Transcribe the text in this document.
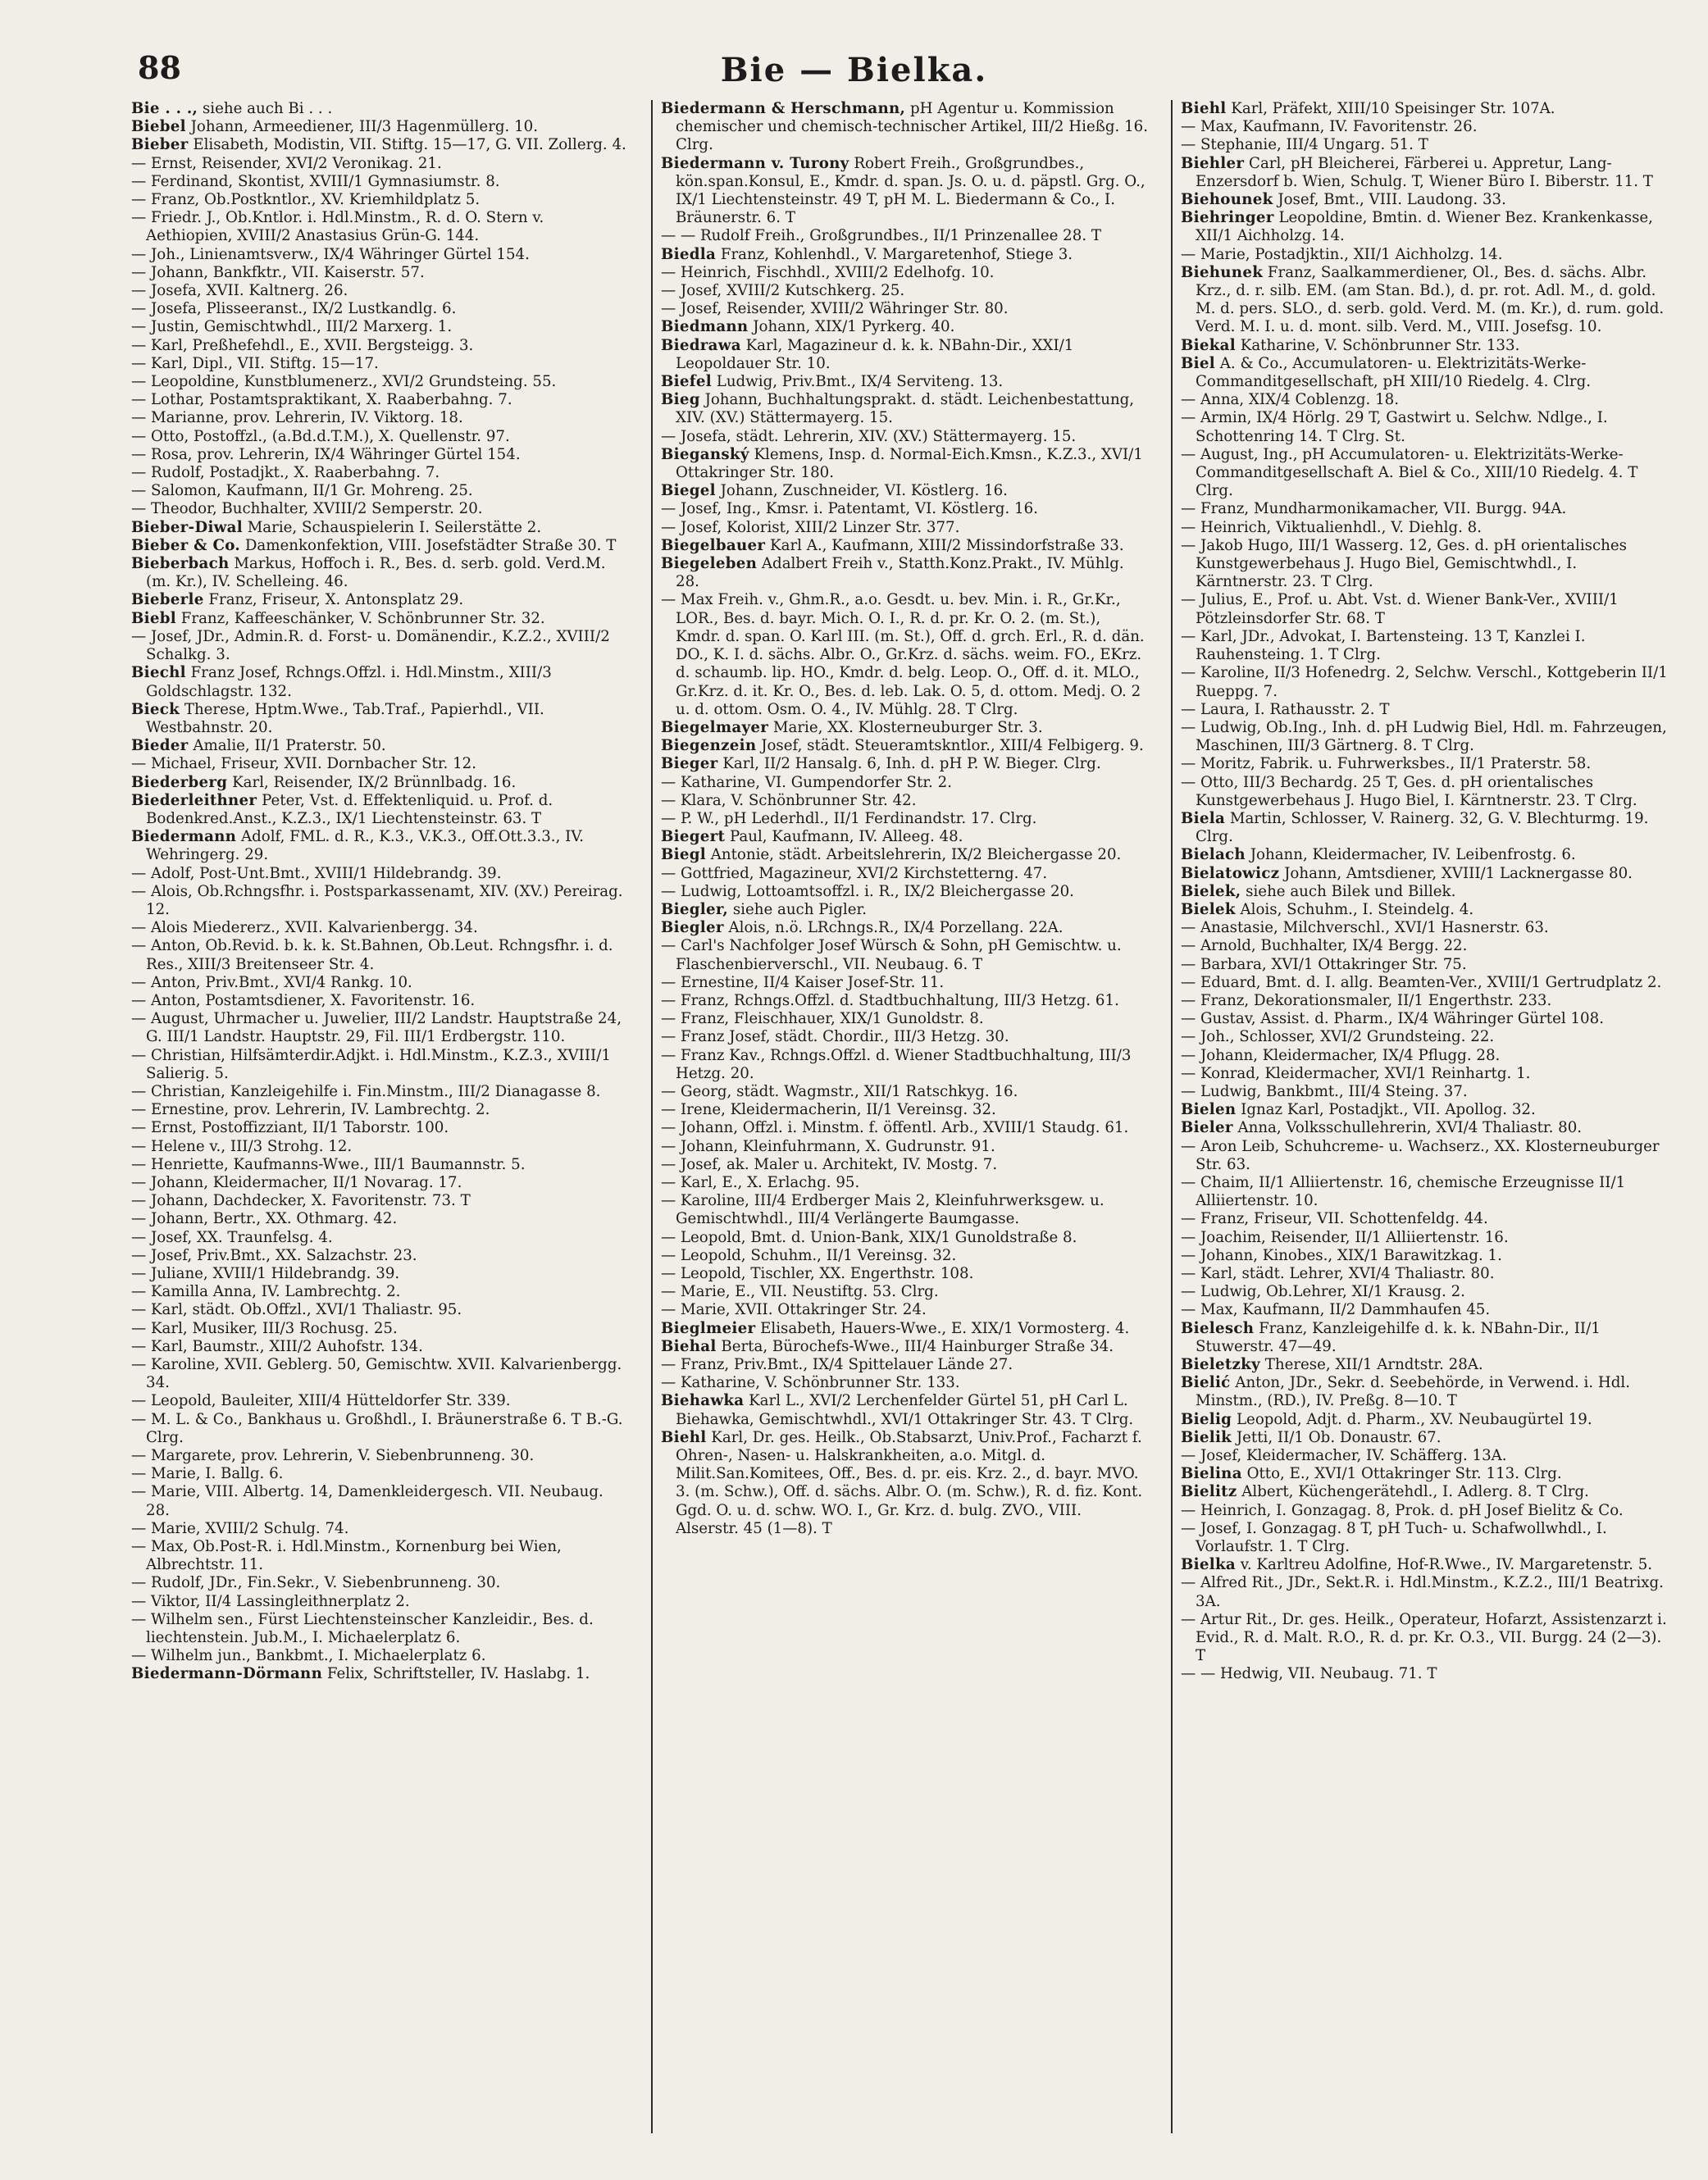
88	Bie — Bielka.

Bie . . ., siehe auch Bi . . .

Biebel Johann, Armeediener, III/3 Hagenmüllerg. 10.

Bieber Elisabeth, Modistin, VII. Stiftg. 15—17, G. VII. Zollerg. 4.

— Ernst, Reisender, XVI/2 Veronikag. 21.

— Ferdinand, Skontist, XVIII/1 Gymnasiumstr. 8.

— Franz, Ob.Postkntlor., XV. Kriemhildplatz 5.

— Friedr. J., Ob.Kntlor. i. Hdl.Minstm., R. d. O. Stern v. Aethiopien, XVIII/2 Anastasius Grün-G. 144.

— Joh., Linienamtsverw., IX/4 Währinger Gürtel 154.

— Johann, Bankfktr., VII. Kaiserstr. 57.

— Josefa, XVII. Kaltnerg. 26.

— Josefa, Plisseeranst., IX/2 Lustkandlg. 6.

— Justin, Gemischtwhdl., III/2 Marxerg. 1.

— Karl, Preßhefehdl., E., XVII. Bergsteigg. 3.

— Karl, Dipl., VII. Stiftg. 15—17.

— Leopoldine, Kunstblumenerz., XVI/2 Grundsteing. 55.

— Lothar, Postamtspraktikant, X. Raaberbahng. 7.

— Marianne, prov. Lehrerin, IV. Viktorg. 18.

— Otto, Postoffzl., (a.Bd.d.T.M.), X. Quellenstr. 97.

— Rosa, prov. Lehrerin, IX/4 Währinger Gürtel 154.

— Rudolf, Postadjkt., X. Raaberbahng. 7.

— Salomon, Kaufmann, II/1 Gr. Mohreng. 25.

— Theodor, Buchhalter, XVIII/2 Semperstr. 20.

Bieber-Diwal Marie, Schauspielerin I. Seilerstätte 2.

Bieber & Co. Damenkonfektion, VIII. Josefstädter Straße 30. T

Bieberbach Markus, Hoffoch i. R., Bes. d. serb. gold. Verd.M.(m. Kr.), IV. Schelleing. 46.

Bieberle Franz, Friseur, X. Antonsplatz 29.

Biebl Franz, Kaffeeschänker, V. Schönbrunner Str. 32.

— Josef, JDr., Admin.R. d. Forst- u. Domänendir., K.Z.2., XVIII/2 Schalkg. 3.

Biechl Franz Josef, Rchngs.Offzl. i. Hdl.Minstm., XIII/3 Goldschlagstr. 132.

Bieck Therese, Hptm.Wwe., Tab.Traf., Papierhdl., VII. Westbahnstr. 20.

Bieder Amalie, II/1 Praterstr. 50.

— Michael, Friseur, XVII. Dornbacher Str. 12.

Biederberg Karl, Reisender, IX/2 Brünnlbadg. 16.

Biederleithner Peter, Vst. d. Effektenliquid. u. Prof. d. Bodenkred.Anst., K.Z.3., IX/1 Liechtensteinstr. 63. T

Biedermann Adolf, FML. d. R., K.3., V.K.3., Off.Ott.3.3., IV. Wehringerg. 29.

— Adolf, Post-Unt.Bmt., XVIII/1 Hildebrandg. 39.

— Alois, Ob.Rchngsfhr. i. Postsparkassenamt, XIV. (XV.) Pereirag. 12.

— Alois Miedererz., XVII. Kalvarienbergg. 34.

— Anton, Ob.Revid. b. k. k. St.Bahnen, Ob.Leut. Rchngsfhr. i. d. Res., XIII/3 Breitenseer Str. 4.

— Anton, Priv.Bmt., XVI/4 Rankg. 10.

— Anton, Postamtsdiener, X. Favoritenstr. 16.

— August, Uhrmacher u. Juwelier, III/2 Landstr. Hauptstraße 24, G. III/1 Landstr. Hauptstr. 29, Fil. III/1 Erdbergstr. 110.

— Christian, Hilfsämterdir.Adjkt. i. Hdl.Minstm., K.Z.3., XVIII/1 Salierig. 5.

— Christian, Kanzleigehilfe i. Fin.Minstm., III/2 Dianagasse 8.

— Ernestine, prov. Lehrerin, IV. Lambrechtg. 2.

— Ernst, Postoffizziant, II/1 Taborstr. 100.

— Helene v., III/3 Strohg. 12.

— Henriette, Kaufmanns-Wwe., III/1 Baumannstr. 5.

— Johann, Kleidermacher, II/1 Novarag. 17.

— Johann, Dachdecker, X. Favoritenstr. 73. T

— Johann, Bertr., XX. Othmarg. 42.

— Josef, XX. Traunfelsg. 4.

— Josef, Priv.Bmt., XX. Salzachstr. 23.

— Juliane, XVIII/1 Hildebrandg. 39.

— Kamilla Anna, IV. Lambrechtg. 2.

— Karl, städt. Ob.Offzl., XVI/1 Thaliastr. 95.

— Karl, Musiker, III/3 Rochusg. 25.

— Karl, Baumstr., XIII/2 Auhofstr. 134.

— Karoline, XVII. Geblerg. 50, Gemischtw. XVII. Kalvarienbergg. 34.

— Leopold, Bauleiter, XIII/4 Hütteldorfer Str. 339.

— M. L. & Co., Bankhaus u. Großhdl., I. Bräunerstraße 6. T B.-G. Clrg.

— Margarete, prov. Lehrerin, V. Siebenbrunneng. 30.

— Marie, I. Ballg. 6.

— Marie, VIII. Albertg. 14, Damenkleidergesch. VII. Neubaug. 28.

— Marie, XVIII/2 Schulg. 74.

— Max, Ob.Post-R. i. Hdl.Minstm., Kornenburg bei Wien, Albrechtstr. 11.

— Rudolf, JDr., Fin.Sekr., V. Siebenbrunneng. 30.

— Viktor, II/4 Lassingleithnerplatz 2.

— Wilhelm sen., Fürst Liechtensteinscher Kanzleidir., Bes. d. liechtenstein. Jub.M., I. Michaelerplatz 6.

— Wilhelm jun., Bankbmt., I. Michaelerplatz 6.

Biedermann-Dörmann Felix, Schriftsteller, IV. Haslabg. 1.

Biedermann & Herschmann, pH Agentur u. Kommission chemischer und chemisch-technischer Artikel, III/2 Hießg. 16. Clrg.

Biedermann v. Turony Robert Freih., Großgrundbes., kön.span.Konsul, E., Kmdr. d. span. Js. O. u. d. päpstl. Grg. O., IX/1 Liechtensteinstr. 49 T, pH M. L. Biedermann & Co., I. Bräunerstr. 6. T

— — Rudolf Freih., Großgrundbes., II/1 Prinzenallee 28. T

Biedla Franz, Kohlenhdl., V. Margaretenhof, Stiege 3.

— Heinrich, Fischhdl., XVIII/2 Edelhofg. 10.

— Josef, XVIII/2 Kutschkerg. 25.

— Josef, Reisender, XVIII/2 Währinger Str. 80.

Biedmann Johann, XIX/1 Pyrkerg. 40.

Biedrawa Karl, Magazineur d. k. k. NBahn-Dir., XXI/1 Leopoldauer Str. 10.

Biefel Ludwig, Priv.Bmt., IX/4 Serviteng. 13.

Bieg Johann, Buchhaltungsprakt. d. städt. Leichenbestattung, XIV. (XV.) Stättermayerg. 15.

— Josefa, städt. Lehrerin, XIV. (XV.) Stättermayerg. 15.

Bieganský Klemens, Insp. d. Normal-Eich.Kmsn., K.Z.3., XVI/1 Ottakringer Str. 180.

Biegel Johann, Zuschneider, VI. Köstlerg. 16.

— Josef, Ing., Kmsr. i. Patentamt, VI. Köstlerg. 16.

— Josef, Kolorist, XIII/2 Linzer Str. 377.

Biegelbauer Karl A., Kaufmann, XIII/2 Missindorfstraße 33.

Biegeleben Adalbert Freih v., Statth.Konz.Prakt., IV. Mühlg. 28.

— Max Freih. v., Ghm.R., a.o. Gesdt. u. bev. Min. i. R., Gr.Kr., LOR., Bes. d. bayr. Mich. O. I., R. d. pr. Kr. O. 2. (m. St.), Kmdr. d. span. O. Karl III. (m. St.), Off. d. grch. Erl., R. d. dän. DO., K. I. d. sächs. Albr. O., Gr.Krz. d. sächs. weim. FO., EKrz. d. schaumb. lip. HO., Kmdr. d. belg. Leop. O., Off. d. it. MLO., Gr.Krz. d. it. Kr. O., Bes. d. leb. Lak. O. 5, d. ottom. Medj. O. 2 u. d. ottom. Osm. O. 4., IV. Mühlg. 28. T Clrg.

Biegelmayer Marie, XX. Klosterneuburger Str. 3.

Biegenzein Josef, städt. Steueramtskntlor., XIII/4 Felbigerg. 9.

Bieger Karl, II/2 Hansalg. 6, Inh. d. pH P. W. Bieger. Clrg.

— Katharine, VI. Gumpendorfer Str. 2.

— Klara, V. Schönbrunner Str. 42.

— P. W., pH Lederhdl., II/1 Ferdinandstr. 17. Clrg.

Biegert Paul, Kaufmann, IV. Alleeg. 48.

Biegl Antonie, städt. Arbeitslehrerin, IX/2 Bleichergasse 20.

— Gottfried, Magazineur, XVI/2 Kirchstetterng. 47.

— Ludwig, Lottoamtsoffzl. i. R., IX/2 Bleichergasse 20.

Biegler, siehe auch Pigler.

Biegler Alois, n.ö. LRchngs.R., IX/4 Porzellang. 22A.

— Carl's Nachfolger Josef Würsch & Sohn, pH Gemischtw. u. Flaschenbierverschl., VII. Neubaug. 6. T

— Ernestine, II/4 Kaiser Josef-Str. 11.

— Franz, Rchngs.Offzl. d. Stadtbuchhaltung, III/3 Hetzg. 61.

— Franz, Fleischhauer, XIX/1 Gunoldstr. 8.

— Franz Josef, städt. Chordir., III/3 Hetzg. 30.

— Franz Kav., Rchngs.Offzl. d. Wiener Stadtbuchhaltung, III/3 Hetzg. 20.

— Georg, städt. Wagmstr., XII/1 Ratschkyg. 16.

— Irene, Kleidermacherin, II/1 Vereinsg. 32.

— Johann, Offzl. i. Minstm. f. öffentl. Arb., XVIII/1 Staudg. 61.

— Johann, Kleinfuhrmann, X. Gudrunstr. 91.

— Josef, ak. Maler u. Architekt, IV. Mostg. 7.

— Karl, E., X. Erlachg. 95.

— Karoline, III/4 Erdberger Mais 2, Kleinfuhrwerksgew. u. Gemischtwhdl., III/4 Verlängerte Baumgasse.

— Leopold, Bmt. d. Union-Bank, XIX/1 Gunoldstraße 8.

— Leopold, Schuhm., II/1 Vereinsg. 32.

— Leopold, Tischler, XX. Engerthstr. 108.

— Marie, E., VII. Neustiftg. 53. Clrg.

— Marie, XVII. Ottakringer Str. 24.

Bieglmeier Elisabeth, Hauers-Wwe., E. XIX/1 Vormosterg. 4.

Biehal Berta, Bürochefs-Wwe., III/4 Hainburger Straße 34.

— Franz, Priv.Bmt., IX/4 Spittelauer Lände 27.

— Katharine, V. Schönbrunner Str. 133.

Biehawka Karl L., XVI/2 Lerchenfelder Gürtel 51, pH Carl L. Biehawka, Gemischtwhdl., XVI/1 Ottakringer Str. 43. T Clrg.

Biehl Karl, Dr. ges. Heilk., Ob.Stabsarzt, Univ.Prof., Facharzt f. Ohren-, Nasen- u. Halskrankheiten, a.o. Mitgl. d. Milit.San.Komitees, Off., Bes. d. pr. eis. Krz. 2., d. bayr. MVO. 3. (m. Schw.), Off. d. sächs. Albr. O. (m. Schw.), R. d. fiz. Kont. Ggd. O. u. d. schw. WO. I., Gr. Krz. d. bulg. ZVO., VIII. Alserstr. 45 (1—8). T

Biehl Karl, Präfekt, XIII/10 Speisinger Str. 107A.

— Max, Kaufmann, IV. Favoritenstr. 26.

— Stephanie, III/4 Ungarg. 51. T

Biehler Carl, pH Bleicherei, Färberei u. Appretur, Lang-Enzersdorf b. Wien, Schulg. T, Wiener Büro I. Biberstr. 11. T

Biehounek Josef, Bmt., VIII. Laudong. 33.

Biehringer Leopoldine, Bmtin. d. Wiener Bez. Krankenkasse, XII/1 Aichholzg. 14.

— Marie, Postadjktin., XII/1 Aichholzg. 14.

Biehunek Franz, Saalkammerdiener, Ol., Bes. d. sächs. Albr. Krz., d. r. silb. EM. (am Stan. Bd.), d. pr. rot. Adl. M., d. gold. M. d. pers. SLO., d. serb. gold. Verd. M. (m. Kr.), d. rum. gold. Verd. M. I. u. d. mont. silb. Verd. M., VIII. Josefsg. 10.

Biekal Katharine, V. Schönbrunner Str. 133.

Biel A. & Co., Accumulatoren- u. Elektrizitäts-Werke-Commanditgesellschaft, pH XIII/10 Riedelg. 4. Clrg.

— Anna, XIX/4 Coblenzg. 18.

— Armin, IX/4 Hörlg. 29 T, Gastwirt u. Selchw. Ndlge., I. Schottenring 14. T Clrg. St.

— August, Ing., pH Accumulatoren- u. Elektrizitäts-Werke-Commanditgesellschaft A. Biel & Co., XIII/10 Riedelg. 4. T Clrg.

— Franz, Mundharmonikamacher, VII. Burgg. 94A.

— Heinrich, Viktualienhdl., V. Diehlg. 8.

— Jakob Hugo, III/1 Wasserg. 12, Ges. d. pH orientalisches Kunstgewerbehaus J. Hugo Biel, Gemischtwhdl., I. Kärntnerstr. 23. T Clrg.

— Julius, E., Prof. u. Abt. Vst. d. Wiener Bank-Ver., XVIII/1 Pötzleinsdorfer Str. 68. T

— Karl, JDr., Advokat, I. Bartensteing. 13 T, Kanzlei I. Rauhensteing. 1. T Clrg.

— Karoline, II/3 Hofenedrg. 2, Selchw. Verschl., Kottgeberin II/1 Rueppg. 7.

— Laura, I. Rathausstr. 2. T

— Ludwig, Ob.Ing., Inh. d. pH Ludwig Biel, Hdl. m. Fahrzeugen, Maschinen, III/3 Gärtnerg. 8. T Clrg.

— Moritz, Fabrik. u. Fuhrwerksbes., II/1 Praterstr. 58.

— Otto, III/3 Bechardg. 25 T, Ges. d. pH orientalisches Kunstgewerbehaus J. Hugo Biel, I. Kärntnerstr. 23. T Clrg.

Biela Martin, Schlosser, V. Rainerg. 32, G. V. Blechturmg. 19. Clrg.

Bielach Johann, Kleidermacher, IV. Leibenfrostg. 6.

Bielatowicz Johann, Amtsdiener, XVIII/1 Lacknergasse 80.

Bielek, siehe auch Bilek und Billek.

Bielek Alois, Schuhm., I. Steindelg. 4.

— Anastasie, Milchverschl., XVI/1 Hasnerstr. 63.

— Arnold, Buchhalter, IX/4 Bergg. 22.

— Barbara, XVI/1 Ottakringer Str. 75.

— Eduard, Bmt. d. I. allg. Beamten-Ver., XVIII/1 Gertrudplatz 2.

— Franz, Dekorationsmaler, II/1 Engerthstr. 233.

— Gustav, Assist. d. Pharm., IX/4 Währinger Gürtel 108.

— Joh., Schlosser, XVI/2 Grundsteing. 22.

— Johann, Kleidermacher, IX/4 Pflugg. 28.

— Konrad, Kleidermacher, XVI/1 Reinhartg. 1.

— Ludwig, Bankbmt., III/4 Steing. 37.

Bielen Ignaz Karl, Postadjkt., VII. Apollog. 32.

Bieler Anna, Volksschullehrerin, XVI/4 Thaliastr. 80.

— Aron Leib, Schuhcreme- u. Wachserz., XX. Klosterneuburger Str. 63.

— Chaim, II/1 Alliiertenstr. 16, chemische Erzeugnisse II/1 Alliiertenstr. 10.

— Franz, Friseur, VII. Schottenfeldg. 44.

— Joachim, Reisender, II/1 Alliiertenstr. 16.

— Johann, Kinobes., XIX/1 Barawitzkag. 1.

— Karl, städt. Lehrer, XVI/4 Thaliastr. 80.

— Ludwig, Ob.Lehrer, XI/1 Krausg. 2.

— Max, Kaufmann, II/2 Dammhaufen 45.

Bielesch Franz, Kanzleigehilfe d. k. k. NBahn-Dir., II/1 Stuwerstr. 47—49.

Bieletzky Therese, XII/1 Arndtstr. 28A.

Bielić Anton, JDr., Sekr. d. Seebehörde, in Verwend. i. Hdl. Minstm., (RD.), IV. Preßg. 8—10. T

Bielig Leopold, Adjt. d. Pharm., XV. Neubaugürtel 19.

Bielik Jetti, II/1 Ob. Donaustr. 67.

— Josef, Kleidermacher, IV. Schäfferg. 13A.

Bielina Otto, E., XVI/1 Ottakringer Str. 113. Clrg.

Bielitz Albert, Küchengerätehdl., I. Adlerg. 8. T Clrg.

— Heinrich, I. Gonzagag. 8, Prok. d. pH Josef Bielitz & Co.

— Josef, I. Gonzagag. 8 T, pH Tuch- u. Schafwollwhdl., I. Vorlaufstr. 1. T Clrg.

Bielka v. Karltreu Adolfine, Hof-R.Wwe., IV. Margaretenstr. 5.

— Alfred Rit., JDr., Sekt.R. i. Hdl.Minstm., K.Z.2., III/1 Beatrixg. 3A.

— Artur Rit., Dr. ges. Heilk., Operateur, Hofarzt, Assistenzarzt i. Evid., R. d. Malt. R.O., R. d. pr. Kr. O.3., VII. Burgg. 24 (2—3). T

— — Hedwig, VII. Neubaug. 71. T
